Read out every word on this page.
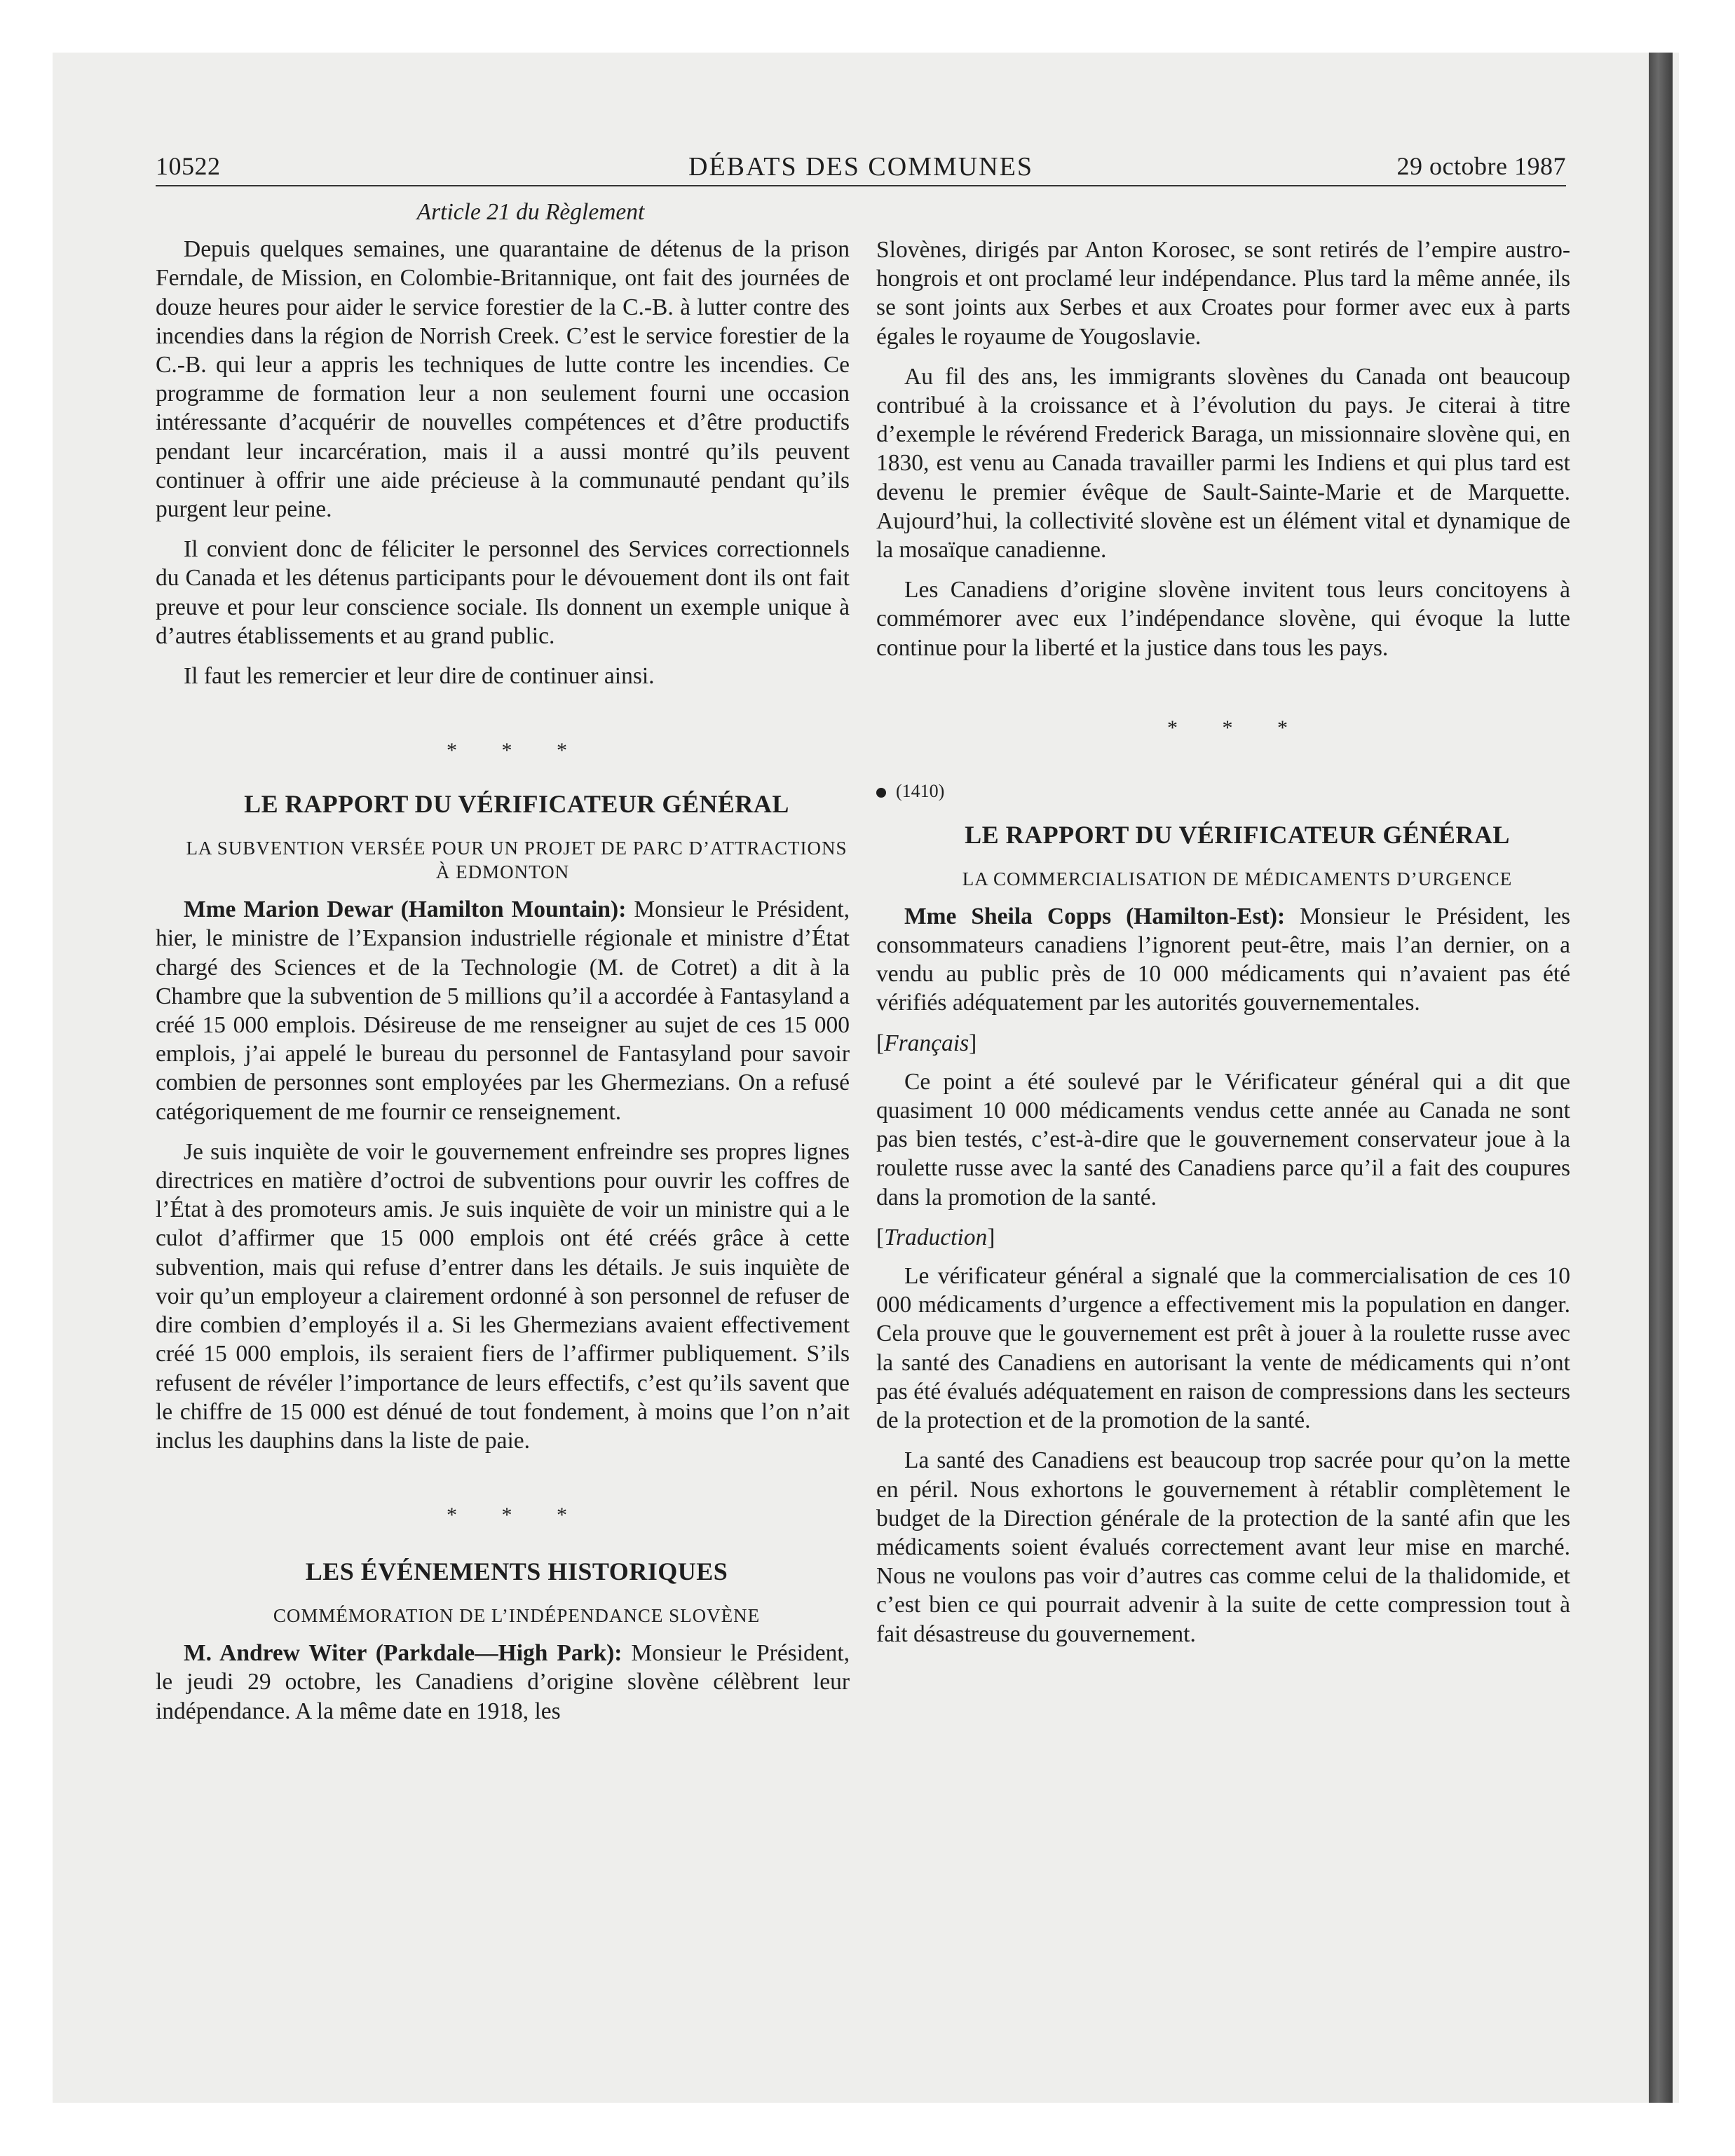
10522	DÉBATS DES COMMUNES	29 octobre 1987

Article 21 du Règlement

Depuis quelques semaines, une quarantaine de détenus de la prison Ferndale, de Mission, en Colombie-Britannique, ont fait des journées de douze heures pour aider le service forestier de la C.-B. à lutter contre des incendies dans la région de Norrish Creek. C’est le service forestier de la C.-B. qui leur a appris les techniques de lutte contre les incendies. Ce programme de formation leur a non seulement fourni une occasion intéressante d’acquérir de nouvelles compétences et d’être productifs pendant leur incarcération, mais il a aussi montré qu’ils peuvent continuer à offrir une aide précieuse à la communauté pendant qu’ils purgent leur peine.

Il convient donc de féliciter le personnel des Services correctionnels du Canada et les détenus participants pour le dévouement dont ils ont fait preuve et pour leur conscience sociale. Ils donnent un exemple unique à d’autres établissements et au grand public.

Il faut les remercier et leur dire de continuer ainsi.

* * *

LE RAPPORT DU VÉRIFICATEUR GÉNÉRAL

LA SUBVENTION VERSÉE POUR UN PROJET DE PARC D’ATTRACTIONS À EDMONTON

Mme Marion Dewar (Hamilton Mountain): Monsieur le Président, hier, le ministre de l’Expansion industrielle régionale et ministre d’État chargé des Sciences et de la Technologie (M. de Cotret) a dit à la Chambre que la subvention de 5 millions qu’il a accordée à Fantasyland a créé 15 000 emplois. Désireuse de me renseigner au sujet de ces 15 000 emplois, j’ai appelé le bureau du personnel de Fantasyland pour savoir combien de personnes sont employées par les Ghermezians. On a refusé catégoriquement de me fournir ce renseignement.

Je suis inquiète de voir le gouvernement enfreindre ses propres lignes directrices en matière d’octroi de subventions pour ouvrir les coffres de l’État à des promoteurs amis. Je suis inquiète de voir un ministre qui a le culot d’affirmer que 15 000 emplois ont été créés grâce à cette subvention, mais qui refuse d’entrer dans les détails. Je suis inquiète de voir qu’un employeur a clairement ordonné à son personnel de refuser de dire combien d’employés il a. Si les Ghermezians avaient effectivement créé 15 000 emplois, ils seraient fiers de l’affirmer publiquement. S’ils refusent de révéler l’importance de leurs effectifs, c’est qu’ils savent que le chiffre de 15 000 est dénué de tout fondement, à moins que l’on n’ait inclus les dauphins dans la liste de paie.

* * *

LES ÉVÉNEMENTS HISTORIQUES

COMMÉMORATION DE L’INDÉPENDANCE SLOVÈNE

M. Andrew Witer (Parkdale—High Park): Monsieur le Président, le jeudi 29 octobre, les Canadiens d’origine slovène célèbrent leur indépendance. A la même date en 1918, les

Slovènes, dirigés par Anton Korosec, se sont retirés de l’empire austro-hongrois et ont proclamé leur indépendance. Plus tard la même année, ils se sont joints aux Serbes et aux Croates pour former avec eux à parts égales le royaume de Yougoslavie.

Au fil des ans, les immigrants slovènes du Canada ont beaucoup contribué à la croissance et à l’évolution du pays. Je citerai à titre d’exemple le révérend Frederick Baraga, un missionnaire slovène qui, en 1830, est venu au Canada travailler parmi les Indiens et qui plus tard est devenu le premier évêque de Sault-Sainte-Marie et de Marquette. Aujourd’hui, la collectivité slovène est un élément vital et dynamique de la mosaïque canadienne.

Les Canadiens d’origine slovène invitent tous leurs concitoyens à commémorer avec eux l’indépendance slovène, qui évoque la lutte continue pour la liberté et la justice dans tous les pays.

* * *

(1410)

LE RAPPORT DU VÉRIFICATEUR GÉNÉRAL

LA COMMERCIALISATION DE MÉDICAMENTS D’URGENCE

Mme Sheila Copps (Hamilton-Est): Monsieur le Président, les consommateurs canadiens l’ignorent peut-être, mais l’an dernier, on a vendu au public près de 10 000 médicaments qui n’avaient pas été vérifiés adéquatement par les autorités gouvernementales.

[Français]

Ce point a été soulevé par le Vérificateur général qui a dit que quasiment 10 000 médicaments vendus cette année au Canada ne sont pas bien testés, c’est-à-dire que le gouvernement conservateur joue à la roulette russe avec la santé des Canadiens parce qu’il a fait des coupures dans la promotion de la santé.

[Traduction]

Le vérificateur général a signalé que la commercialisation de ces 10 000 médicaments d’urgence a effectivement mis la population en danger. Cela prouve que le gouvernement est prêt à jouer à la roulette russe avec la santé des Canadiens en autorisant la vente de médicaments qui n’ont pas été évalués adéquatement en raison de compressions dans les secteurs de la protection et de la promotion de la santé.

La santé des Canadiens est beaucoup trop sacrée pour qu’on la mette en péril. Nous exhortons le gouvernement à rétablir complètement le budget de la Direction générale de la protection de la santé afin que les médicaments soient évalués correctement avant leur mise en marché. Nous ne voulons pas voir d’autres cas comme celui de la thalidomide, et c’est bien ce qui pourrait advenir à la suite de cette compression tout à fait désastreuse du gouvernement.
